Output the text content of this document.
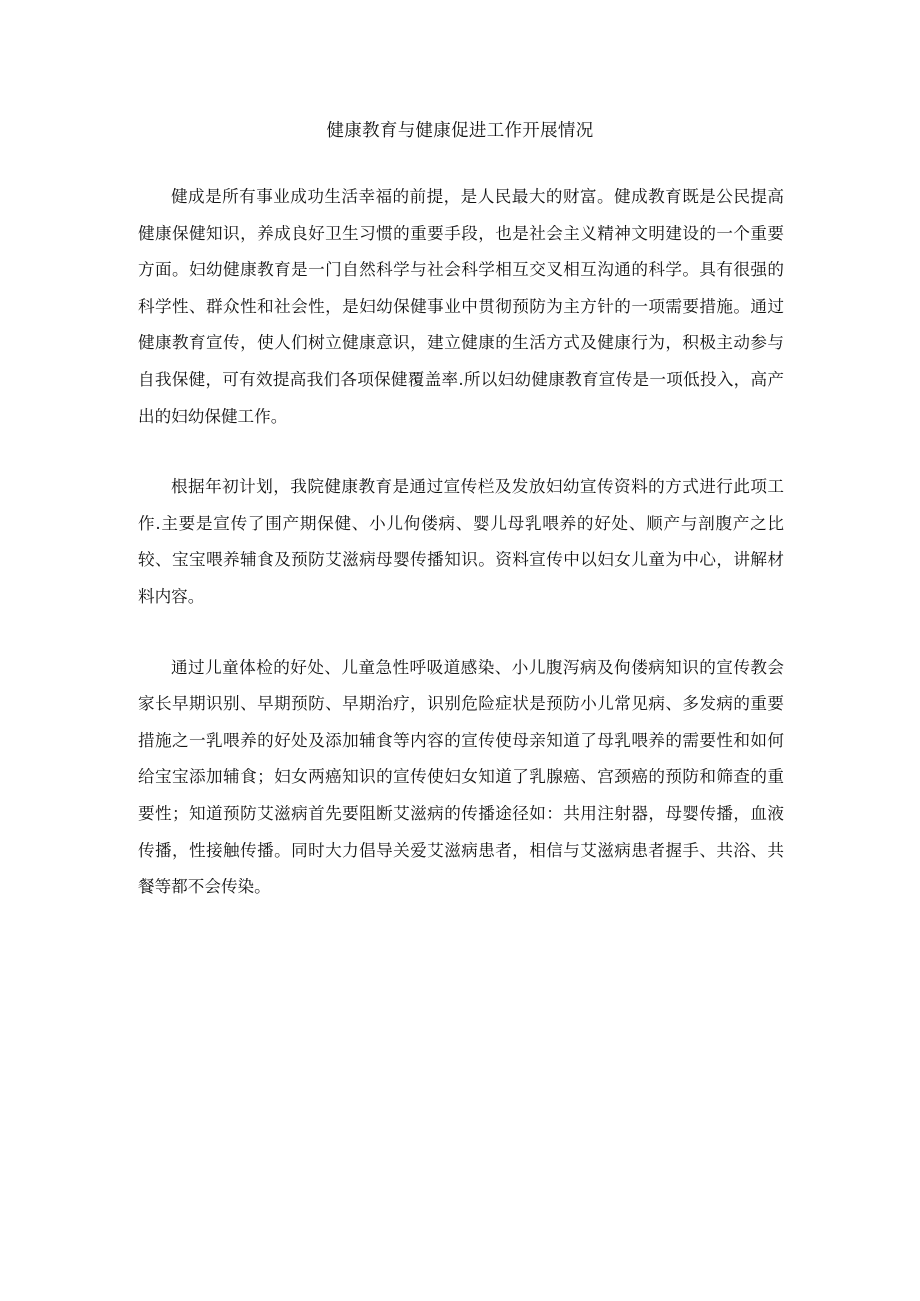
健康教育与健康促进工作开展情况

健成是所有事业成功生活幸福的前提，是人民最大的财富。健成教育既是公民提高健康保健知识，养成良好卫生习惯的重要手段，也是社会主义精神文明建设的一个重要方面。妇幼健康教育是一门自然科学与社会科学相互交叉相互沟通的科学。具有很强的科学性、群众性和社会性，是妇幼保健事业中贯彻预防为主方针的一项需要措施。通过健康教育宣传，使人们树立健康意识，建立健康的生活方式及健康行为，积极主动参与自我保健，可有效提高我们各项保健覆盖率.所以妇幼健康教育宣传是一项低投入，高产出的妇幼保健工作。

根据年初计划，我院健康教育是通过宣传栏及发放妇幼宣传资料的方式进行此项工作.主要是宣传了围产期保健、小儿佝偻病、婴儿母乳喂养的好处、顺产与剖腹产之比较、宝宝喂养辅食及预防艾滋病母婴传播知识。资料宣传中以妇女儿童为中心，讲解材料内容。

通过儿童体检的好处、儿童急性呼吸道感染、小儿腹泻病及佝偻病知识的宣传教会家长早期识别、早期预防、早期治疗，识别危险症状是预防小儿常见病、多发病的重要措施之一乳喂养的好处及添加辅食等内容的宣传使母亲知道了母乳喂养的需要性和如何给宝宝添加辅食；妇女两癌知识的宣传使妇女知道了乳腺癌、宫颈癌的预防和筛查的重要性；知道预防艾滋病首先要阻断艾滋病的传播途径如：共用注射器，母婴传播，血液传播，性接触传播。同时大力倡导关爱艾滋病患者，相信与艾滋病患者握手、共浴、共餐等都不会传染。
